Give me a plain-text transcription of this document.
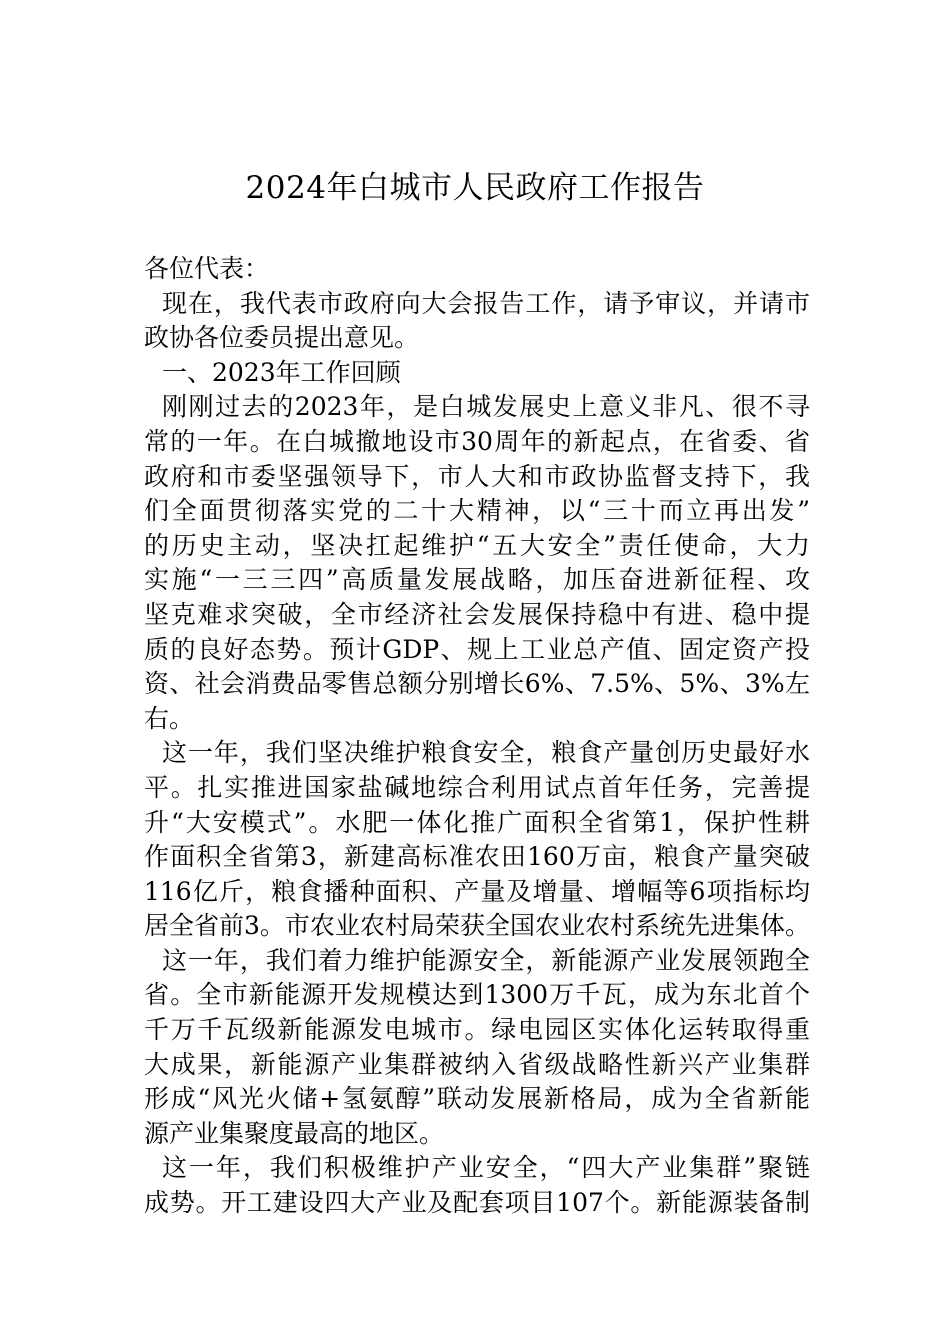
2024年白城市人民政府工作报告
各位代表：
现在，我代表市政府向大会报告工作，请予审议，并请市
政协各位委员提出意见。
一、2023年工作回顾
刚刚过去的2023年，是白城发展史上意义非凡、很不寻
常的一年。在白城撤地设市30周年的新起点，在省委、省
政府和市委坚强领导下，市人大和市政协监督支持下，我
们全面贯彻落实党的二十大精神，以“三十而立再出发”
的历史主动，坚决扛起维护“五大安全”责任使命，大力
实施“一三三四”高质量发展战略，加压奋进新征程、攻
坚克难求突破，全市经济社会发展保持稳中有进、稳中提
质的良好态势。预计GDP、规上工业总产值、固定资产投
资、社会消费品零售总额分别增长6%、7.5%、5%、3%左
右。
这一年，我们坚决维护粮食安全，粮食产量创历史最好水
平。扎实推进国家盐碱地综合利用试点首年任务，完善提
升“大安模式”。水肥一体化推广面积全省第1，保护性耕
作面积全省第3，新建高标准农田160万亩，粮食产量突破
116亿斤，粮食播种面积、产量及增量、增幅等6项指标均
居全省前3。市农业农村局荣获全国农业农村系统先进集体。
这一年，我们着力维护能源安全，新能源产业发展领跑全
省。全市新能源开发规模达到1300万千瓦，成为东北首个
千万千瓦级新能源发电城市。绿电园区实体化运转取得重
大成果，新能源产业集群被纳入省级战略性新兴产业集群
形成“风光火储+氢氨醇”联动发展新格局，成为全省新能
源产业集聚度最高的地区。
这一年，我们积极维护产业安全，“四大产业集群”聚链
成势。开工建设四大产业及配套项目107个。新能源装备制
